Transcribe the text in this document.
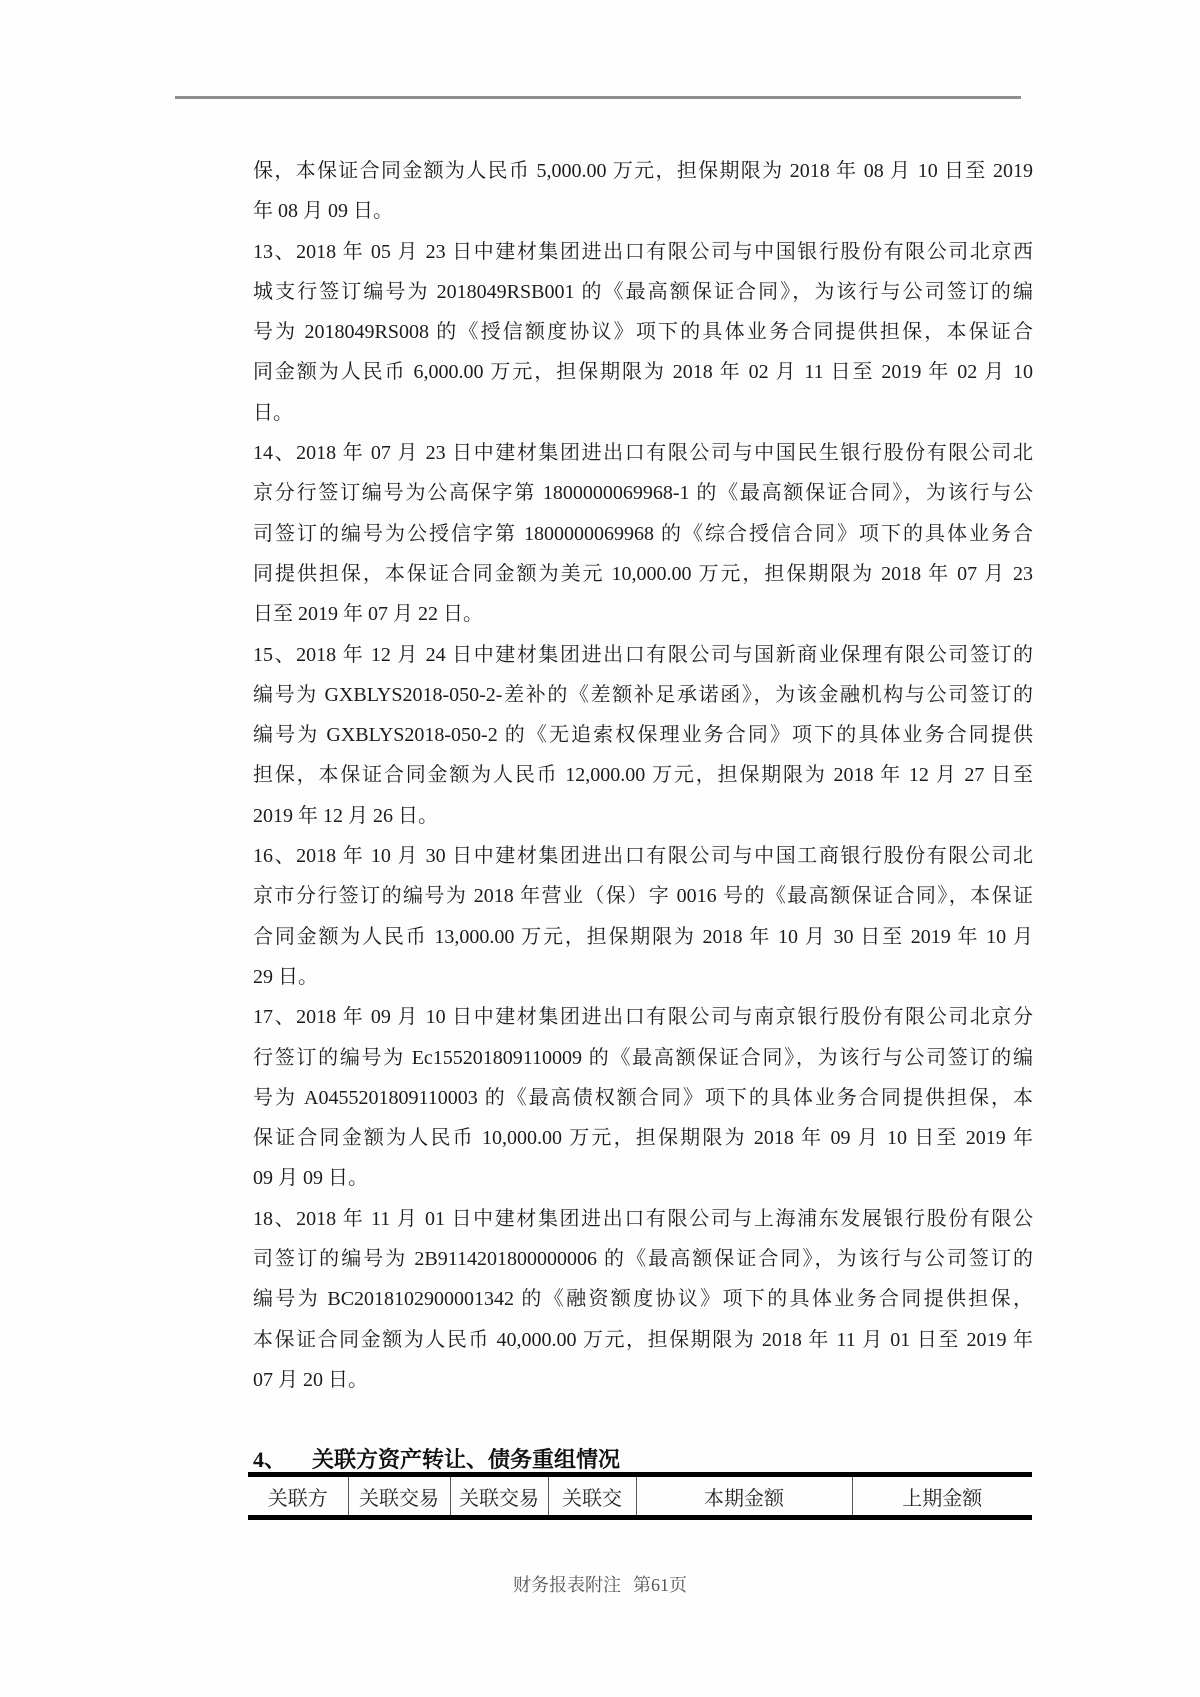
保，本保证合同金额为人民币 5,000.00 万元，担保期限为 2018 年 08 月 10 日至 2019
年 08 月 09 日。

13、2018 年 05 月 23 日中建材集团进出口有限公司与中国银行股份有限公司北京西
城支行签订编号为 2018049RSB001 的《最高额保证合同》，为该行与公司签订的编
号为 2018049RS008 的《授信额度协议》项下的具体业务合同提供担保，本保证合
同金额为人民币 6,000.00 万元，担保期限为 2018 年 02 月 11 日至 2019 年 02 月 10
日。

14、2018 年 07 月 23 日中建材集团进出口有限公司与中国民生银行股份有限公司北
京分行签订编号为公高保字第 1800000069968-1 的《最高额保证合同》，为该行与公
司签订的编号为公授信字第 1800000069968 的《综合授信合同》项下的具体业务合
同提供担保，本保证合同金额为美元 10,000.00 万元，担保期限为 2018 年 07 月 23
日至 2019 年 07 月 22 日。

15、2018 年 12 月 24 日中建材集团进出口有限公司与国新商业保理有限公司签订的
编号为 GXBLYS2018-050-2-差补的《差额补足承诺函》，为该金融机构与公司签订的
编号为 GXBLYS2018-050-2 的《无追索权保理业务合同》项下的具体业务合同提供
担保，本保证合同金额为人民币 12,000.00 万元，担保期限为 2018 年 12 月 27 日至
2019 年 12 月 26 日。

16、2018 年 10 月 30 日中建材集团进出口有限公司与中国工商银行股份有限公司北
京市分行签订的编号为 2018 年营业（保）字 0016 号的《最高额保证合同》，本保证
合同金额为人民币 13,000.00 万元，担保期限为 2018 年 10 月 30 日至 2019 年 10 月
29 日。

17、2018 年 09 月 10 日中建材集团进出口有限公司与南京银行股份有限公司北京分
行签订的编号为 Ec155201809110009 的《最高额保证合同》，为该行与公司签订的编
号为 A0455201809110003 的《最高债权额合同》项下的具体业务合同提供担保，本
保证合同金额为人民币 10,000.00 万元，担保期限为 2018 年 09 月 10 日至 2019 年
09 月 09 日。

18、2018 年 11 月 01 日中建材集团进出口有限公司与上海浦东发展银行股份有限公
司签订的编号为 2B9114201800000006 的《最高额保证合同》，为该行与公司签订的
编号为 BC2018102900001342 的《融资额度协议》项下的具体业务合同提供担保，
本保证合同金额为人民币 40,000.00 万元，担保期限为 2018 年 11 月 01 日至 2019 年
07 月 20 日。

4、 关联方资产转让、债务重组情况
关联方	关联交易	关联交易	关联交	本期金额	上期金额
财务报表附注 第61页
